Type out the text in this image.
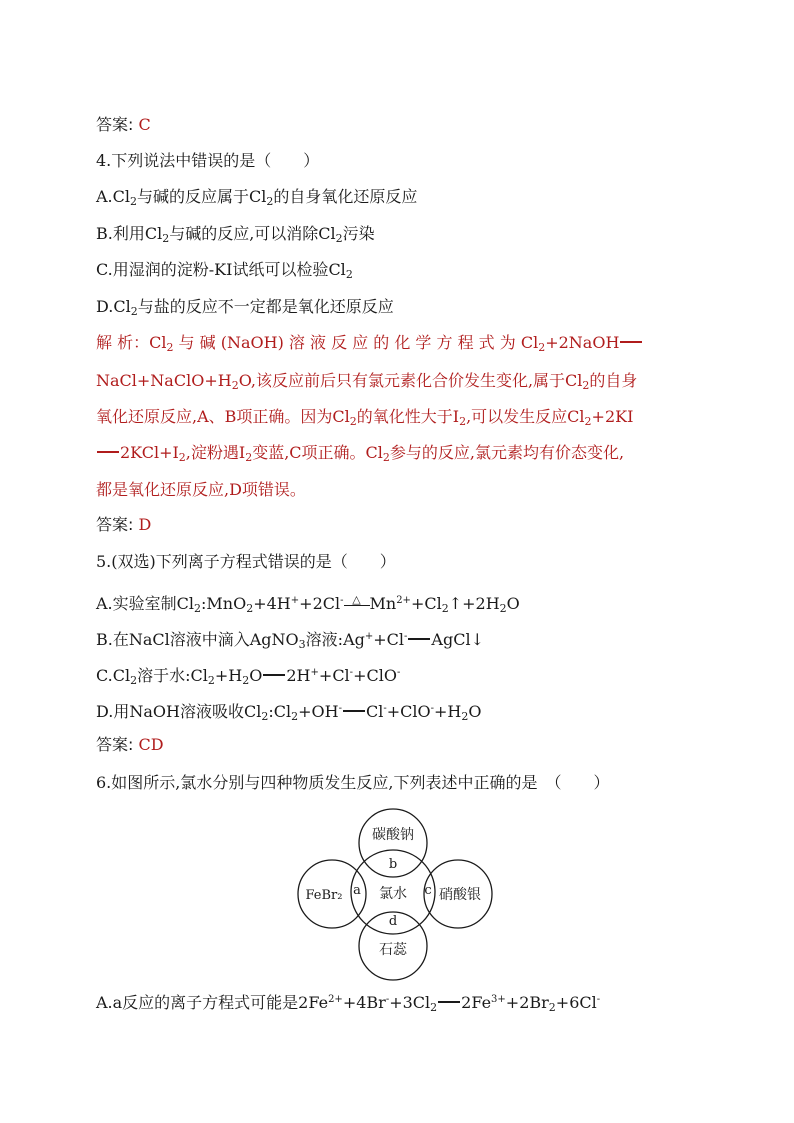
答案: C
4.下列说法中错误的是（　　）
$A.Cl_2$与碱的反应属于$Cl_2$的自身氧化还原反应
B.利用$Cl_2$与碱的反应,可以消除$Cl_2$污染
C.用湿润的淀粉-KI试纸可以检验$Cl_2$
$D.Cl_2$与盐的反应不一定都是氧化还原反应
解 析：$Cl_2$ 与 碱 (NaOH) 溶 液 反 应 的 化 学 方 程 式 为 $Cl_2+2NaOH$
$NaCl+NaClO+H_2O$,该反应前后只有氯元素化合价发生变化,属于$Cl_2$的自身
氧化还原反应,A、B项正确。因为$Cl_2$的氧化性大于$I_2$,可以发生反应$Cl_2+2KI$
$2KCl+I_2$,淀粉遇$I_2$变蓝,C项正确。$Cl_2$参与的反应,氯元素均有价态变化,
都是氧化还原反应,D项错误。
答案: D
5.(双选)下列离子方程式错误的是（　　）
A.实验室制$Cl_2:MnO_2+4H^++2Cl^-$ △ $Mn^{2+}+Cl_2↑+2H_2O$
B.在NaCl溶液中滴入AgNO$_3$溶液:Ag++Cl- AgCl↓
$C.Cl_2$溶于水$:Cl_2+H_2O$ 2H++Cl-+ClO-
D.用NaOH溶液吸收$Cl_2:Cl_2+OH^-$ $Cl^-+ClO^-+H_2O$
答案: CD
6.如图所示,氯水分别与四种物质发生反应,下列表述中正确的是　（　　）
碳酸钠
FeBr₂	硝酸银
石蕊
氯水
b
a	c
d
A.a反应的离子方程式可能是$2Fe^{2+}+4Br^-+3Cl_2$ $2Fe^{3+}+2Br_2+6Cl^-$
